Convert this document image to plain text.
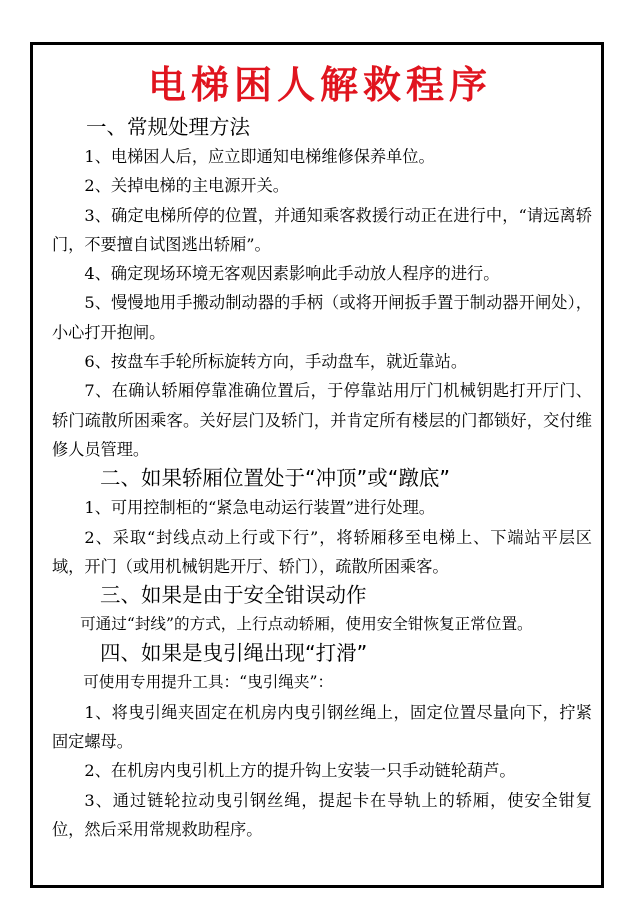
电梯困人解救程序

一、常规处理方法

1、电梯困人后，应立即通知电梯维修保养单位。

2、关掉电梯的主电源开关。

3、确定电梯所停的位置，并通知乘客救援行动正在进行中，“请远离轿门，不要擅自试图逃出轿厢”。

4、确定现场环境无客观因素影响此手动放人程序的进行。

5、慢慢地用手搬动制动器的手柄（或将开闸扳手置于制动器开闸处），小心打开抱闸。

6、按盘车手轮所标旋转方向，手动盘车，就近靠站。

7、在确认轿厢停靠准确位置后，于停靠站用厅门机械钥匙打开厅门、轿门疏散所困乘客。关好层门及轿门，并肯定所有楼层的门都锁好，交付维修人员管理。

二、如果轿厢位置处于“冲顶”或“蹾底”

1、可用控制柜的“紧急电动运行装置”进行处理。

2、采取“封线点动上行或下行”，将轿厢移至电梯上、下端站平层区域，开门（或用机械钥匙开厅、轿门），疏散所困乘客。

三、如果是由于安全钳误动作

可通过“封线”的方式，上行点动轿厢，使用安全钳恢复正常位置。

四、如果是曳引绳出现“打滑”

可使用专用提升工具：“曳引绳夹”：

1、将曳引绳夹固定在机房内曳引钢丝绳上，固定位置尽量向下，拧紧固定螺母。

2、在机房内曳引机上方的提升钩上安装一只手动链轮葫芦。

3、通过链轮拉动曳引钢丝绳，提起卡在导轨上的轿厢，使安全钳复位，然后采用常规救助程序。
